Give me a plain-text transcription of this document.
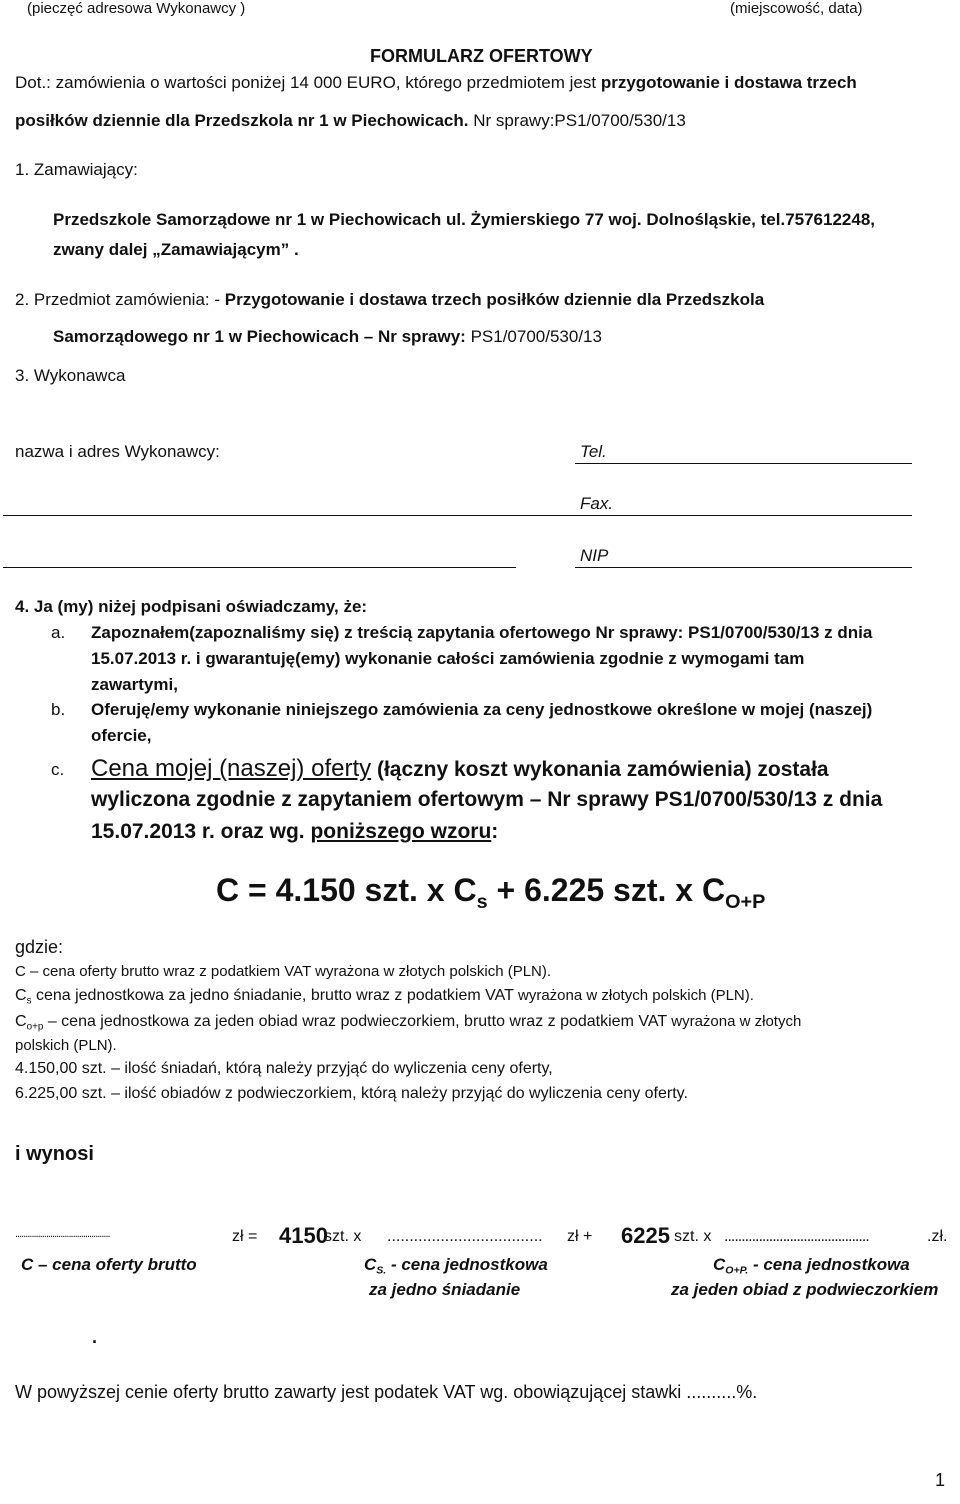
(pieczęć adresowa Wykonawcy )	(miejscowość, data)
FORMULARZ OFERTOWY
Dot.: zamówienia o wartości poniżej 14 000 EURO, którego przedmiotem jest przygotowanie i dostawa trzech
posiłków dziennie dla Przedszkola nr 1 w Piechowicach. Nr sprawy:PS1/0700/530/13
1. Zamawiający:
Przedszkole Samorządowe nr 1 w Piechowicach ul. Żymierskiego 77 woj. Dolnośląskie, tel.757612248,
zwany dalej „Zamawiającym” .
2. Przedmiot zamówienia: - Przygotowanie i dostawa trzech posiłków dziennie dla Przedszkola
Samorządowego nr 1 w Piechowicach – Nr sprawy: PS1/0700/530/13
3. Wykonawca
nazwa i adres Wykonawcy:	Tel.
Fax.
NIP
4. Ja (my) niżej podpisani oświadczamy, że:
a. Zapoznałem(zapoznaliśmy się) z treścią zapytania ofertowego Nr sprawy: PS1/0700/530/13 z dnia
15.07.2013 r. i gwarantuję(emy) wykonanie całości zamówienia zgodnie z wymogami tam
zawartymi,
b. Oferuję/emy wykonanie niniejszego zamówienia za ceny jednostkowe określone w mojej (naszej)
ofercie,
c. Cena mojej (naszej) oferty (łączny koszt wykonania zamówienia) została
wyliczona zgodnie z zapytaniem ofertowym – Nr sprawy PS1/0700/530/13 z dnia
15.07.2013 r. oraz wg. poniższego wzoru:
C = 4.150 szt. x $C_s + 6.225$ szt. x $C_{O+P}$
gdzie:
C – cena oferty brutto wraz z podatkiem VAT wyrażona w złotych polskich (PLN).
$C_s$ cena jednostkowa za jedno śniadanie, brutto wraz z podatkiem VAT wyrażona w złotych polskich (PLN).
$C_{o+p}$ – cena jednostkowa za jeden obiad wraz podwieczorkiem, brutto wraz z podatkiem VAT wyrażona w złotych
polskich (PLN).
4.150,00 szt. – ilość śniadań, którą należy przyjąć do wyliczenia ceny oferty,
6.225,00 szt. – ilość obiadów z podwieczorkiem, którą należy przyjąć do wyliczenia ceny oferty.
i wynosi
..............................................	zł = 4150
szt. x ................................... zł + 6225 szt. x ..........................................	.zł.
C – cena oferty brutto	$C_{S.}$ - cena jednostkowa
za jedno śniadanie
$C_{O+P.}$ - cena jednostkowa
za jeden obiad z podwieczorkiem
.
W powyższej cenie oferty brutto zawarty jest podatek VAT wg. obowiązującej stawki ..........%.
1
